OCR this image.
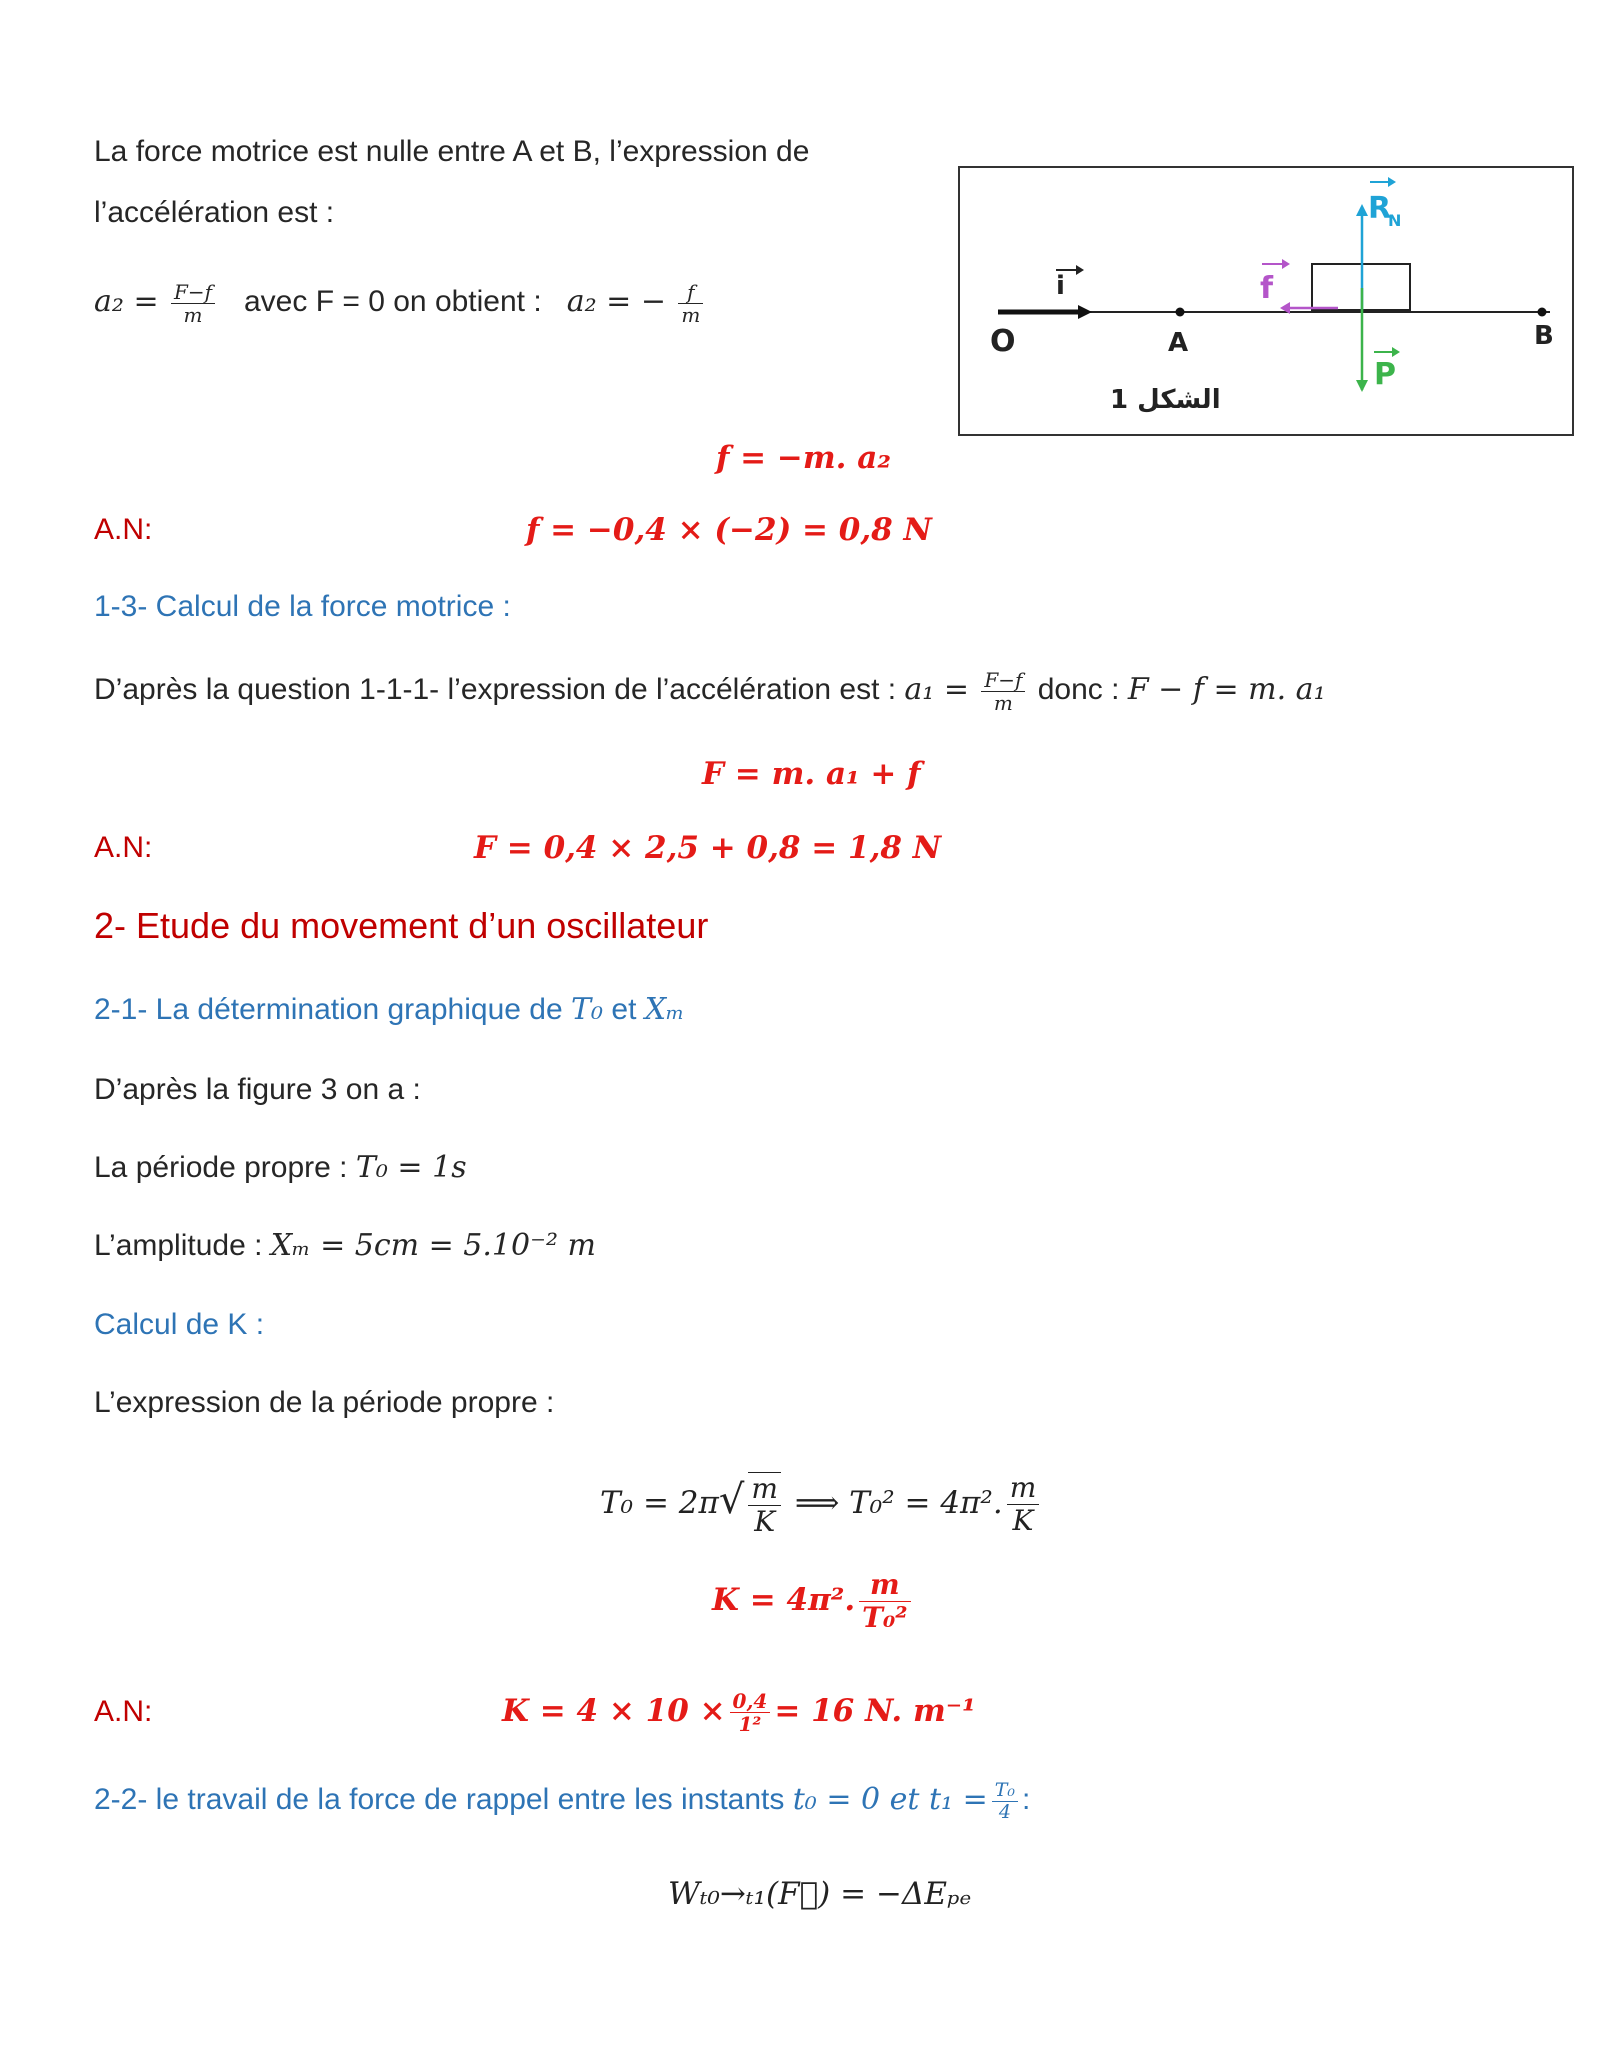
La force motrice est nulle entre A et B, l’expression de
l’accélération est :
$a_2 = \frac{F-f}{m}$ avec F = 0 on obtient : a₂ = − $\frac{f}{m}$
O
i
A	B
f
R
N
P
الشكل 1
f = −m. a₂
A.N:	f = −0,4 × (−2) = 0,8 N
1-3- Calcul de la force motrice :
D’après la question 1-1-1- l’expression de l’accélération est : $a_1 = \frac{F-f}{m}$ donc : F − f = m. a₁
F = m. a₁ + f
A.N:	F = 0,4 × 2,5 + 0,8 = 1,8 N
2- Etude du movement d’un oscillateur
2-1- La détermination graphique de T₀ et Xₘ
D’après la figure 3 on a :
La période propre : T₀ = 1s
L’amplitude : Xₘ = 5cm = 5.10⁻² m
Calcul de K :
L’expression de la période propre :
$T_0 = 2\pi√ \frac{m}{K}$ ⟹ T₀² = 4π². $\frac{m}{K}$
K = 4π². $\frac{m}{\text{T₀²}}$
A.N:	$K = 4 \times 10 \times \frac{0,4}{\text{1²}} = 16$ N. m⁻¹
2-2- le travail de la force de rappel entre les instants t₀ = 0 et $t_1 = \frac{\text{T₀}}{4}$ :
Wₜ₀→ₜ₁(F⃗) = −ΔEₚₑ
